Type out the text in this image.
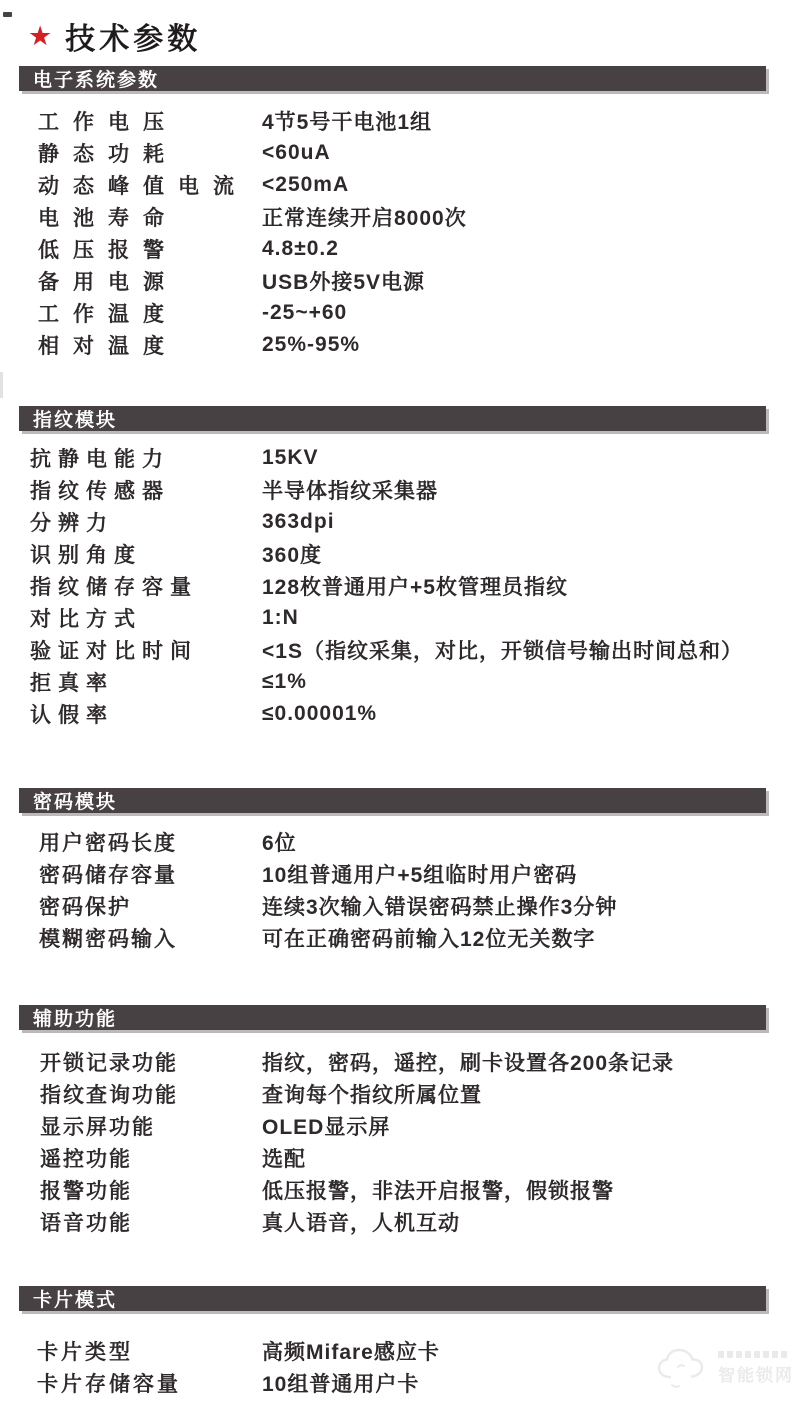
★ 技术参数
电子系统参数
工作电压	4节5号干电池1组
静态功耗	<60uA
动态峰值电流 <250mA
电池寿命	正常连续开启8000次
低压报警	4.8±0.2
备用电源	USB外接5V电源
工作温度	-25~+60
相对温度	25%-95%
指纹模块
抗静电能力	15KV
指纹传感器	半导体指纹采集器
分辨力	363dpi
识别角度	360度
指纹储存容量	128枚普通用户+5枚管理员指纹
对比方式	1:N
验证对比时间	<1S（指纹采集，对比，开锁信号输出时间总和）
拒真率	≤1%
认假率	≤0.00001%
密码模块
用户密码长度	6位
密码储存容量	10组普通用户+5组临时用户密码
密码保护	连续3次输入错误密码禁止操作3分钟
模糊密码输入	可在正确密码前输入12位无关数字
辅助功能
开锁记录功能	指纹，密码，遥控，刷卡设置各200条记录
指纹查询功能	查询每个指纹所属位置
显示屏功能	OLED显示屏
遥控功能	选配
报警功能	低压报警，非法开启报警，假锁报警
语音功能	真人语音，人机互动
卡片模式
卡片类型	高频Mifare感应卡
卡片存储容量	10组普通用户卡	智能锁网
